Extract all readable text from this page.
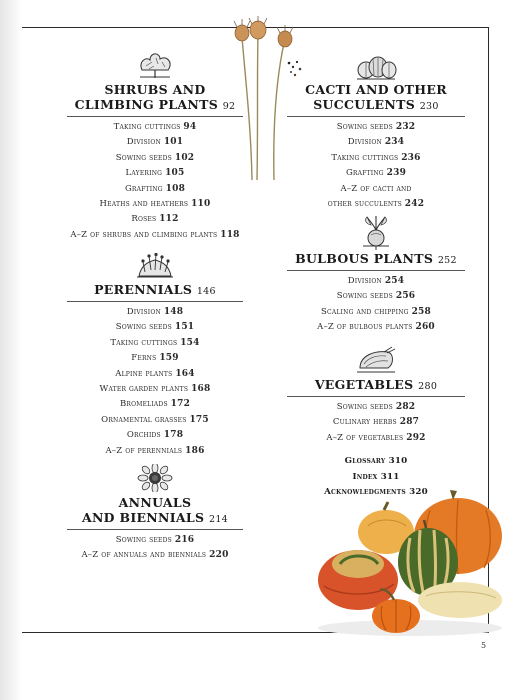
SHRUBS AND
CLIMBING PLANTS 92
Taking cuttings 94
Division 101
Sowing seeds 102
Layering 105
Grafting 108
Heaths and heathers 110
Roses 112
A–Z of shrubs and climbing plants 118
PERENNIALS 146
Division 148
Sowing seeds 151
Taking cuttings 154
Ferns 159
Alpine plants 164
Water garden plants 168
Bromeliads 172
Ornamental grasses 175
Orchids 178
A–Z of perennials 186
ANNUALS
AND BIENNIALS 214
Sowing seeds 216
A–Z of annuals and biennials 220
CACTI AND OTHER
SUCCULENTS 230
Sowing seeds 232
Division 234
Taking cuttings 236
Grafting 239
A–Z of cacti and
other succulents 242
BULBOUS PLANTS 252
Division 254
Sowing seeds 256
Scaling and chipping 258
A–Z of bulbous plants 260
VEGETABLES 280
Sowing seeds 282
Culinary herbs 287
A–Z of vegetables 292
Glossary 310
Index 311
Acknowledgments 320
5
